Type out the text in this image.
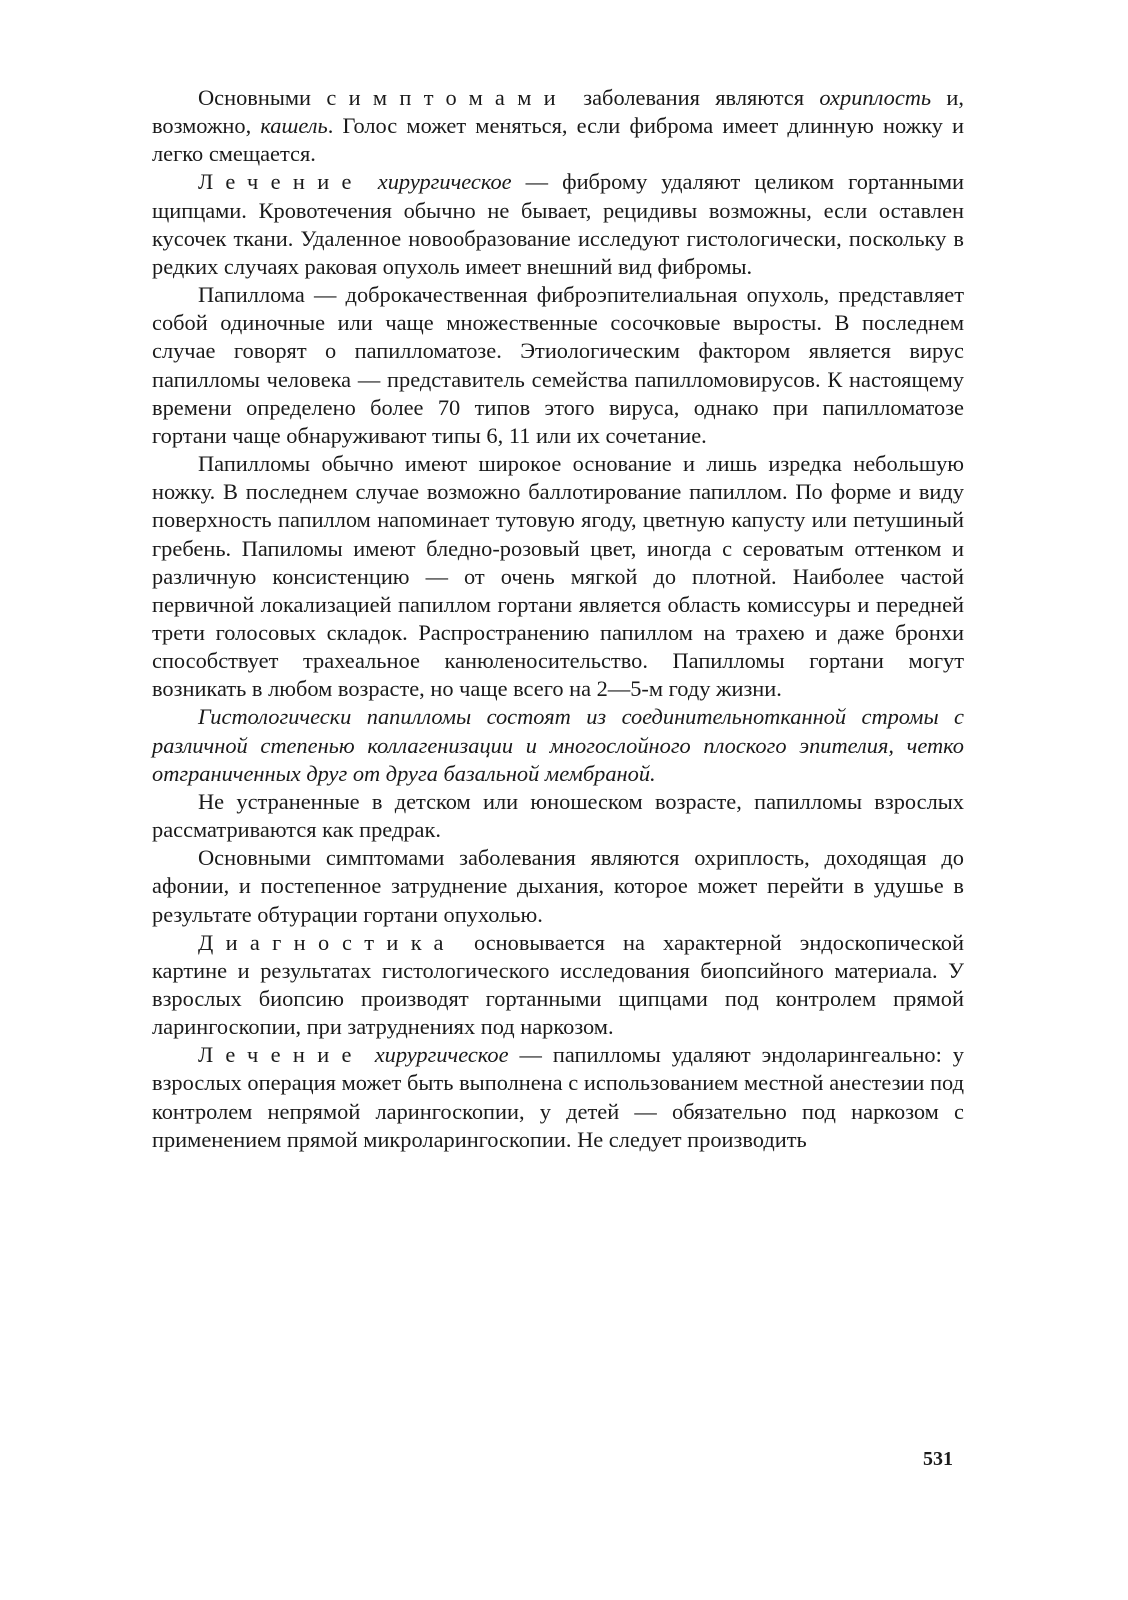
Основными симптомами заболевания являются охриплость и, возможно, кашель. Голос может меняться, если фиброма имеет длинную ножку и легко смещается.

Лечение хирургическое — фиброму удаляют целиком гортанными щипцами. Кровотечения обычно не бывает, рецидивы возможны, если оставлен кусочек ткани. Удаленное новообразование исследуют гистологически, поскольку в редких случаях раковая опухоль имеет внешний вид фибромы.

Папиллома — доброкачественная фиброэпителиальная опухоль, представляет собой одиночные или чаще множественные сосочковые выросты. В последнем случае говорят о папилломатозе. Этиологическим фактором является вирус папилломы человека — представитель семейства папилломовирусов. К настоящему времени определено более 70 типов этого вируса, однако при папилломатозе гортани чаще обнаруживают типы 6, 11 или их сочетание.

Папилломы обычно имеют широкое основание и лишь изредка небольшую ножку. В последнем случае возможно баллотирование папиллом. По форме и виду поверхность папиллом напоминает тутовую ягоду, цветную капусту или петушиный гребень. Папиломы имеют бледно-розовый цвет, иногда с сероватым оттенком и различную консистенцию — от очень мягкой до плотной. Наиболее частой первичной локализацией папиллом гортани является область комиссуры и передней трети голосовых складок. Распространению папиллом на трахею и даже бронхи способствует трахеальное канюленосительство. Папилломы гортани могут возникать в любом возрасте, но чаще всего на 2—5-м году жизни.

Гистологически папилломы состоят из соединительнотканной стромы с различной степенью коллагенизации и многослойного плоского эпителия, четко отграниченных друг от друга базальной мембраной.

Не устраненные в детском или юношеском возрасте, папилломы взрослых рассматриваются как предрак.

Основными симптомами заболевания являются охриплость, доходящая до афонии, и постепенное затруднение дыхания, которое может перейти в удушье в результате обтурации гортани опухолью.

Диагностика основывается на характерной эндоскопической картине и результатах гистологического исследования биопсийного материала. У взрослых биопсию производят гортанными щипцами под контролем прямой ларингоскопии, при затруднениях под наркозом.

Лечение хирургическое — папилломы удаляют эндоларингеально: у взрослых операция может быть выполнена с использованием местной анестезии под контролем непрямой ларингоскопии, у детей — обязательно под наркозом с применением прямой микроларингоскопии. Не следует производить

531
